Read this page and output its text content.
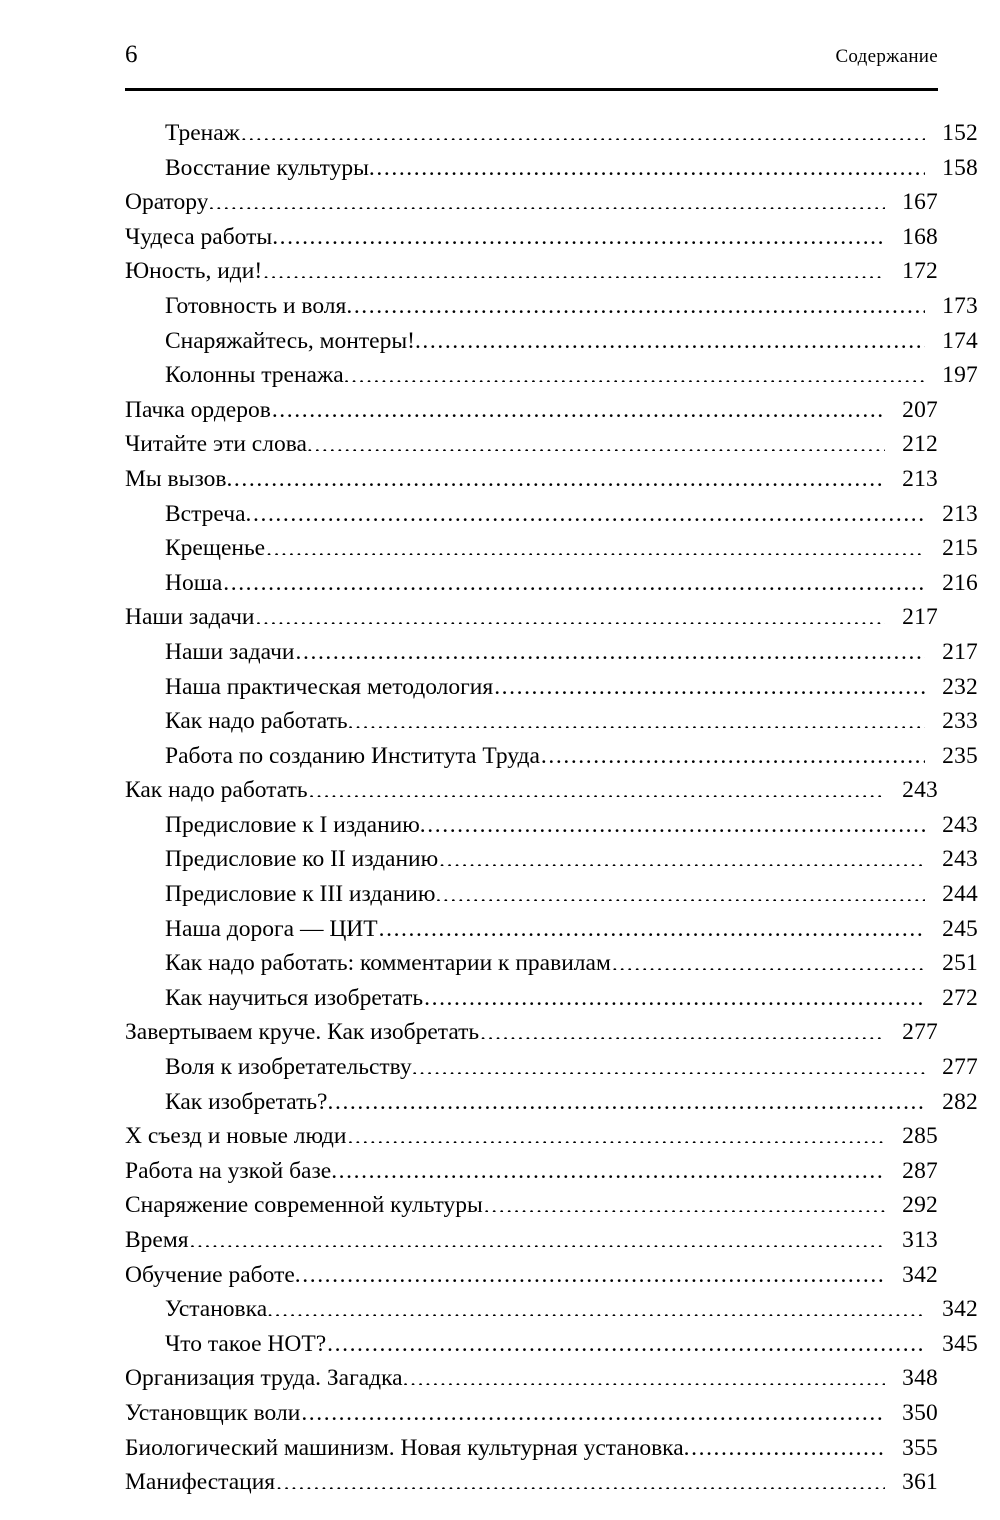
6	Содержание
Тренаж .....	152
Восстание культуры .....	158
Оратору .....	167
Чудеса работы .....	168
Юность, иди! .....	172
Готовность и воля .....	173
Снаряжайтесь, монтеры! .....	174
Колонны тренажа .....	197
Пачка ордеров .....	207
Читайте эти слова .....	212
Мы вызов .....	213
Встреча .....	213
Крещенье .....	215
Ноша .....	216
Наши задачи .....	217
Наши задачи .....	217
Наша практическая методология .....	232
Как надо работать .....	233
Работа по созданию Института Труда .....	235
Как надо работать .....	243
Предисловие к I изданию .....	243
Предисловие ко II изданию .....	243
Предисловие к III изданию .....	244
Наша дорога — ЦИТ .....	245
Как надо работать: комментарии к правилам .....	251
Как научиться изобретать .....	272
Завертываем круче. Как изобретать .....	277
Воля к изобретательству .....	277
Как изобретать? .....	282
Х съезд и новые люди .....	285
Работа на узкой базе .....	287
Снаряжение современной культуры .....	292
Время .....	313
Обучение работе .....	342
Установка .....	342
Что такое НОТ? .....	345
Организация труда. Загадка .....	348
Установщик воли .....	350
Биологический машинизм. Новая культурная установка .....	355
Манифестация .....	361
